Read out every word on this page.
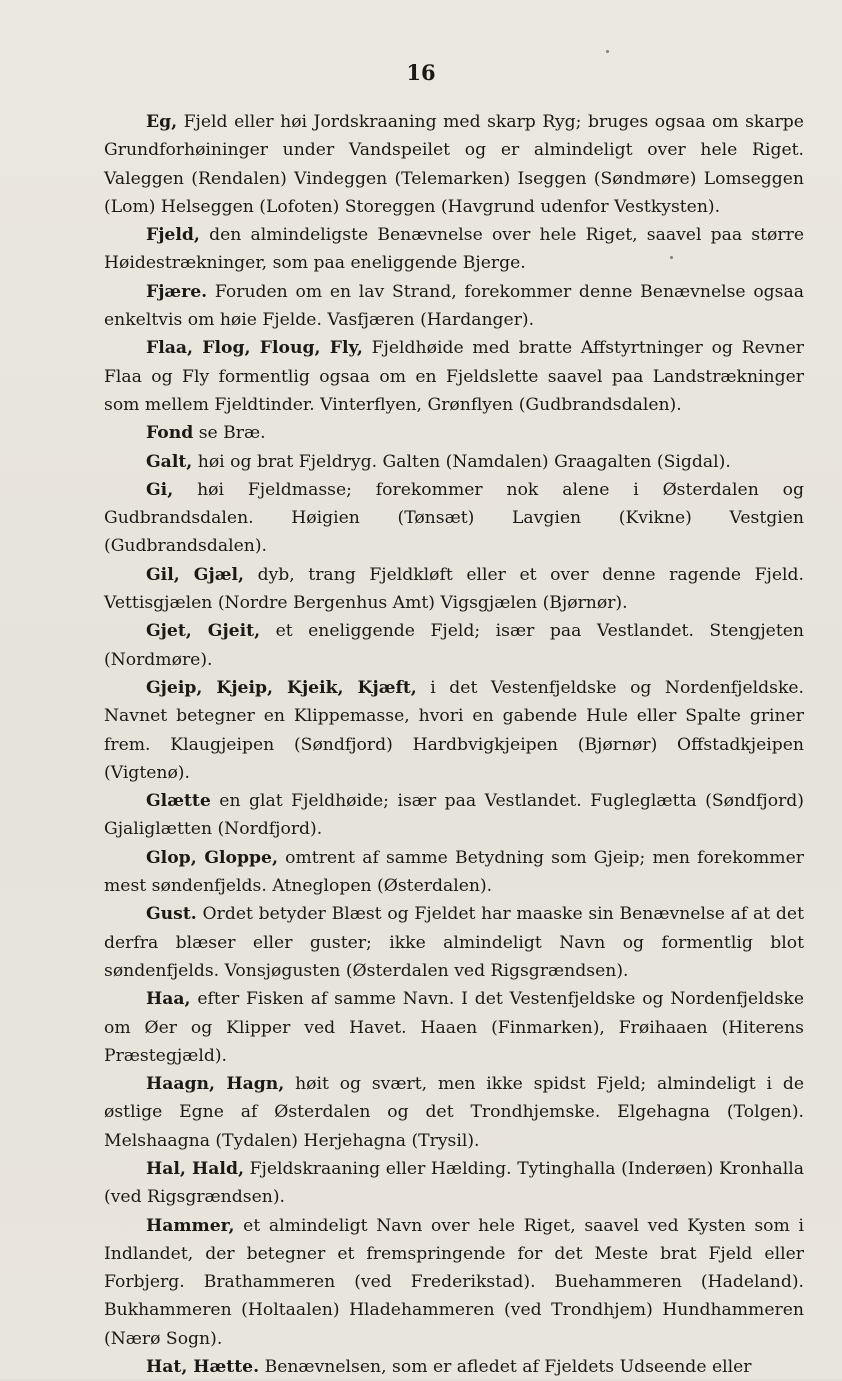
16

Eg, Fjeld eller høi Jordskraaning med skarp Ryg; bruges ogsaa om skarpe Grundforhøininger under Vandspeilet og er almindeligt over hele Riget. Valeggen (Rendalen) Vindeggen (Telemarken) Iseggen (Søndmøre) Lomseggen (Lom) Helseggen (Lofoten) Storeggen (Havgrund udenfor Vestkysten).

Fjeld, den almindeligste Benævnelse over hele Riget, saavel paa større Høidestrækninger, som paa eneliggende Bjerge.

Fjære. Foruden om en lav Strand, forekommer denne Benævnelse ogsaa enkeltvis om høie Fjelde. Vasfjæren (Hardanger).

Flaa, Flog, Floug, Fly, Fjeldhøide med bratte Affstyrtninger og Revner Flaa og Fly formentlig ogsaa om en Fjeldslette saavel paa Landstrækninger som mellem Fjeldtinder. Vinterflyen, Grønflyen (Gudbrandsdalen).

Fond se Bræ.

Galt, høi og brat Fjeldryg. Galten (Namdalen) Graagalten (Sigdal).

Gi, høi Fjeldmasse; forekommer nok alene i Østerdalen og Gudbrandsdalen. Høigien (Tønsæt) Lavgien (Kvikne) Vestgien (Gudbrandsdalen).

Gil, Gjæl, dyb, trang Fjeldkløft eller et over denne ragende Fjeld. Vettisgjælen (Nordre Bergenhus Amt) Vigsgjælen (Bjørnør).

Gjet, Gjeit, et eneliggende Fjeld; især paa Vestlandet. Stengjeten (Nordmøre).

Gjeip, Kjeip, Kjeik, Kjæft, i det Vestenfjeldske og Nordenfjeldske. Navnet betegner en Klippemasse, hvori en gabende Hule eller Spalte griner frem. Klaugjeipen (Søndfjord) Hardbvigkjeipen (Bjørnør) Offstadkjeipen (Vigtenø).

Glætte en glat Fjeldhøide; især paa Vestlandet. Fugleglætta (Søndfjord) Gjaliglætten (Nordfjord).

Glop, Gloppe, omtrent af samme Betydning som Gjeip; men forekommer mest søndenfjelds. Atneglopen (Østerdalen).

Gust. Ordet betyder Blæst og Fjeldet har maaske sin Benævnelse af at det derfra blæser eller guster; ikke almindeligt Navn og formentlig blot søndenfjelds. Vonsjøgusten (Østerdalen ved Rigsgrændsen).

Haa, efter Fisken af samme Navn. I det Vestenfjeldske og Nordenfjeldske om Øer og Klipper ved Havet. Haaen (Finmarken), Frøihaaen (Hiterens Præstegjæld).

Haagn, Hagn, høit og svært, men ikke spidst Fjeld; almindeligt i de østlige Egne af Østerdalen og det Trondhjemske. Elgehagna (Tolgen). Melshaagna (Tydalen) Herjehagna (Trysil).

Hal, Hald, Fjeldskraaning eller Hælding. Tytinghalla (Inderøen) Kronhalla (ved Rigsgrændsen).

Hammer, et almindeligt Navn over hele Riget, saavel ved Kysten som i Indlandet, der betegner et fremspringende for det Meste brat Fjeld eller Forbjerg. Brathammeren (ved Frederikstad). Buehammeren (Hadeland). Bukhammeren (Holtaalen) Hladehammeren (ved Trondhjem) Hundhammeren (Nærø Sogn).

Hat, Hætte. Benævnelsen, som er afledet af Fjeldets Udseende eller
